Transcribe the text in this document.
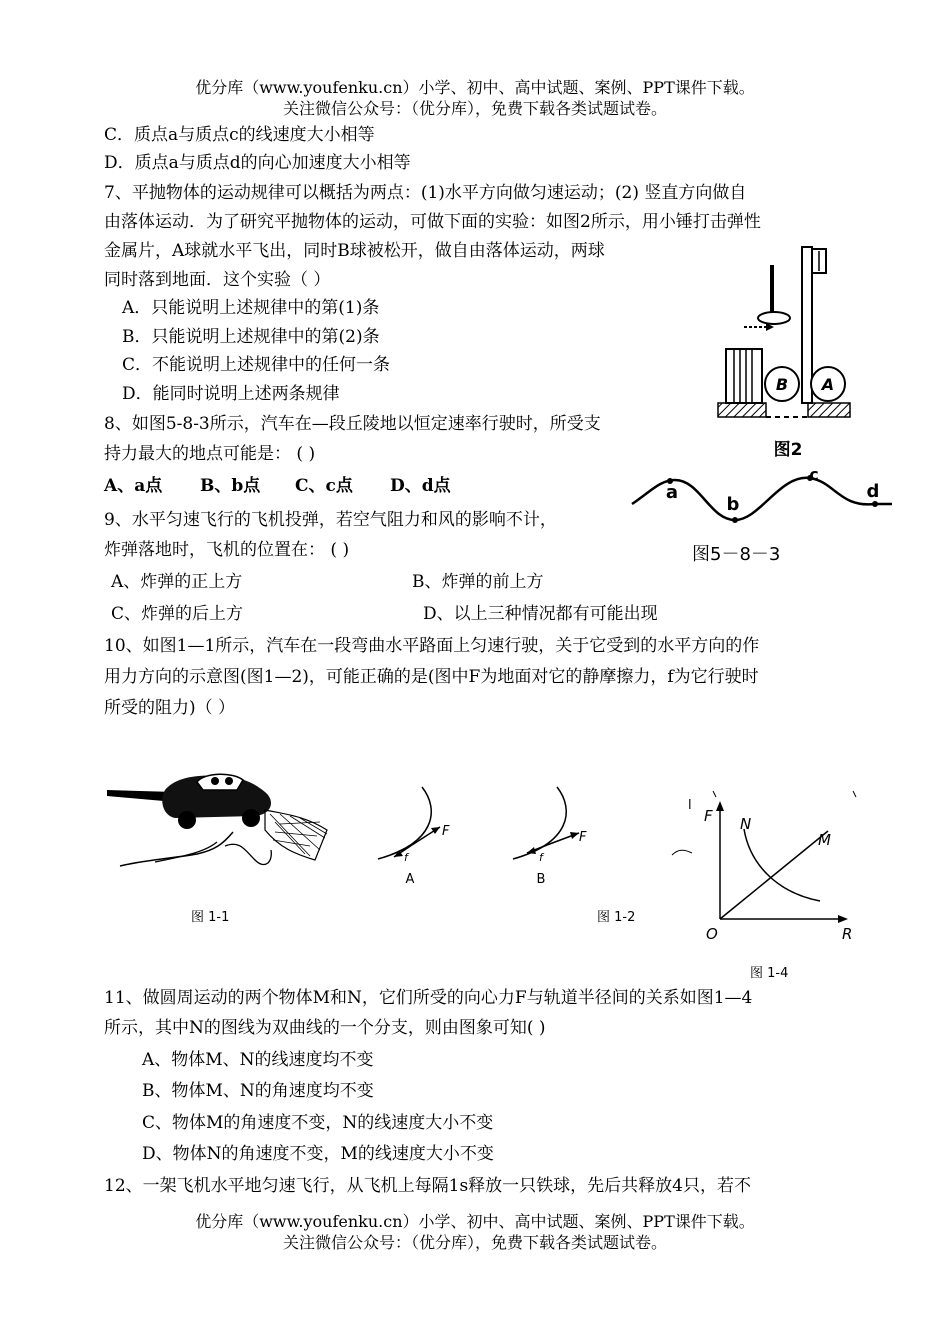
优分库（www.youfenku.cn）小学、初中、高中试题、案例、PPT课件下载。
关注微信公众号：（优分库），免费下载各类试题试卷。
C．质点a与质点c的线速度大小相等
D．质点a与质点d的向心加速度大小相等
7、平抛物体的运动规律可以概括为两点：(1)水平方向做匀速运动；(2) 竖直方向做自
由落体运动．为了研究平抛物体的运动，可做下面的实验：如图2所示，用小锤打击弹性
金属片，A球就水平飞出，同时B球被松开，做自由落体运动，两球
同时落到地面．这个实验（ ）
A．只能说明上述规律中的第(1)条
B．只能说明上述规律中的第(2)条
C．不能说明上述规律中的任何一条
D．能同时说明上述两条规律	B A
图2
8、如图5-8-3所示，汽车在—段丘陵地以恒定速率行驶时，所受支
持力最大的地点可能是： ( )
A、a点 B、b点 C、c点 D、d点	a
b
c
d
图5－8－3
9、水平匀速飞行的飞机投弹，若空气阻力和风的影响不计，
炸弹落地时，飞机的位置在： ( )
A、炸弹的正上方	B、炸弹的前上方
C、炸弹的后上方	D、以上三种情况都有可能出现
10、如图1—1所示，汽车在一段弯曲水平路面上匀速行驶，关于它受到的水平方向的作
用力方向的示意图(图1—2)，可能正确的是(图中F为地面对它的静摩擦力，f为它行驶时
所受的阻力)（ ）
图 1-1
F
f
A
F
f
B
图 1-2
F
R
O
N
M
l
图 1-4
11、做圆周运动的两个物体M和N，它们所受的向心力F与轨道半径间的关系如图1—4
所示，其中N的图线为双曲线的一个分支，则由图象可知( )
A、物体M、N的线速度均不变
B、物体M、N的角速度均不变
C、物体M的角速度不变，N的线速度大小不变
D、物体N的角速度不变，M的线速度大小不变
12、一架飞机水平地匀速飞行，从飞机上每隔1s释放一只铁球，先后共释放4只，若不
优分库（www.youfenku.cn）小学、初中、高中试题、案例、PPT课件下载。
关注微信公众号：（优分库），免费下载各类试题试卷。
